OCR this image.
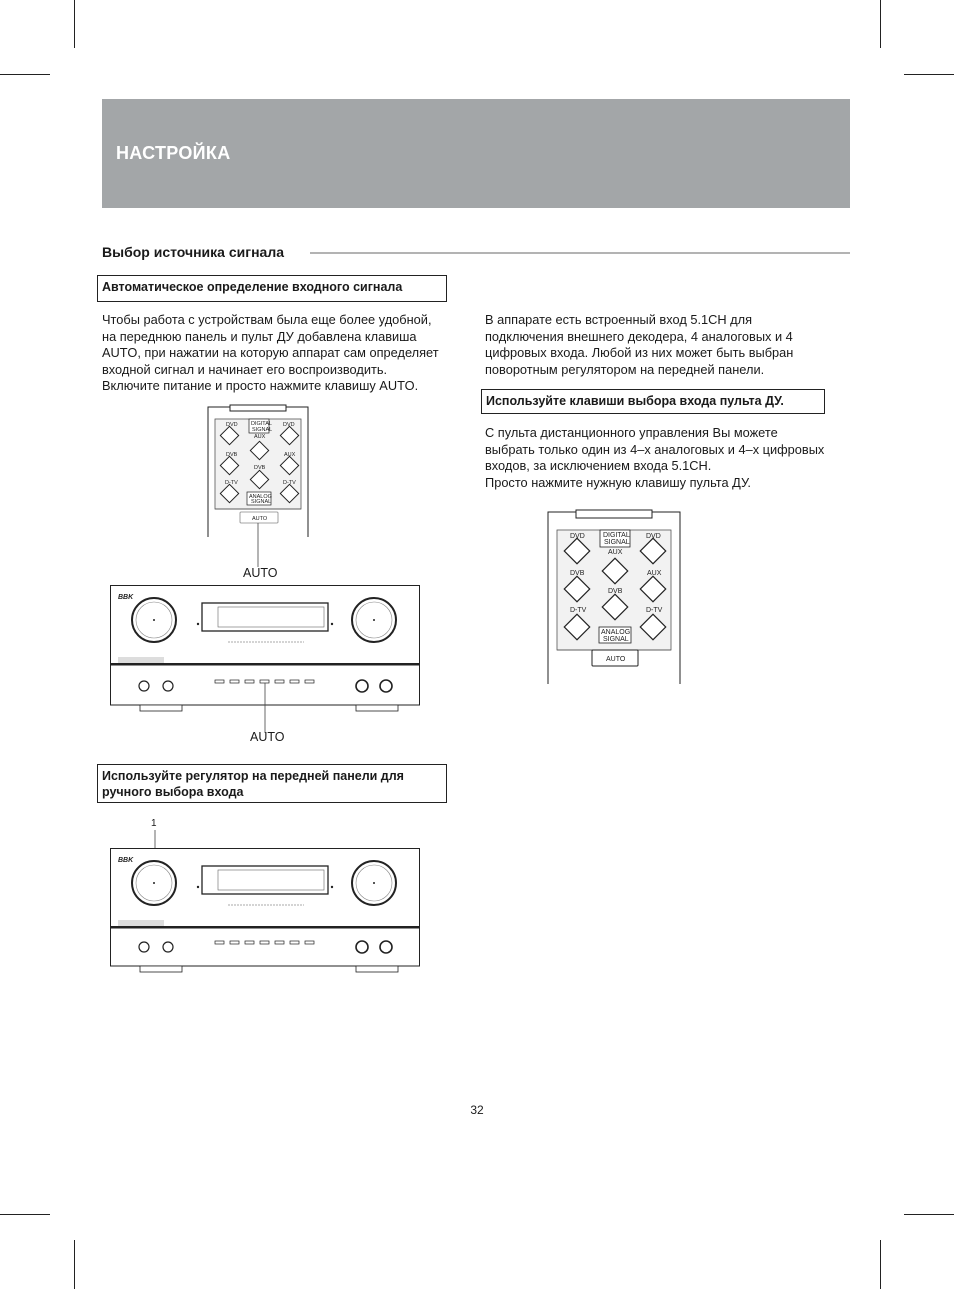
НАСТРОЙКА
Выбор источника сигнала
Автоматическое определение входного сигнала

Чтобы работа с устройствам была еще более удобной,

на переднюю панель и пульт ДУ добавлена клавиша

AUTO, при нажатии на которую аппарат сам определяет

входной сигнал и начинает его воспроизводить.

Включите питание и просто нажмите клавишу AUTO.

DVD	DVD
DIGITAL
SIGNAL
AUX
DVB	AUX
DVB
D-TV	D-TV
ANALOG
SIGNAL
AUTO
AUTO
BBK
AUTO
Используйте регулятор на передней панели для
ручного выбора входа
1
BBK

В аппарате есть встроенный вход 5.1CH для

подключения внешнего декодера, 4 аналоговых и 4

цифровых входа. Любой из них может быть выбран

поворотным регулятором на передней панели.

Используйте клавиши выбора входа пульта ДУ.

С пульта дистанционного управления Вы можете

выбрать только один из 4–х аналоговых и 4–х цифровых

входов, за исключением входа 5.1CH.

Просто нажмите нужную клавишу пульта ДУ.

DVD	DVD
DIGITAL
SIGNAL
AUX
DVB	AUX
DVB
D-TV	D-TV
ANALOG
SIGNAL
AUTO
32
